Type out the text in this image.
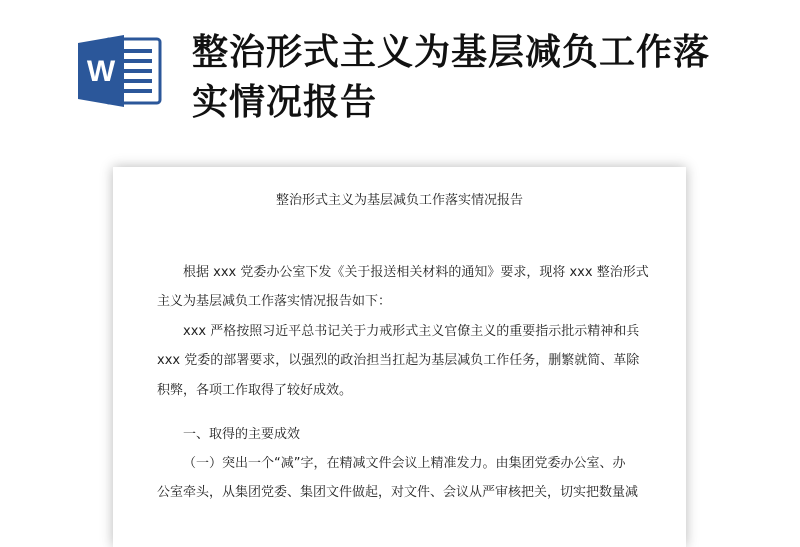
W 整治形式主义为基层减负工作落
实情况报告
整治形式主义为基层减负工作落实情况报告
根据 xxx 党委办公室下发《关于报送相关材料的通知》要求，现将 xxx 整治形式
主义为基层减负工作落实情况报告如下：
xxx 严格按照习近平总书记关于力戒形式主义官僚主义的重要指示批示精神和兵
xxx 党委的部署要求，以强烈的政治担当扛起为基层减负工作任务，删繁就简、革除
积弊，各项工作取得了较好成效。
一、取得的主要成效
（一）突出一个“减”字，在精减文件会议上精准发力。由集团党委办公室、办
公室牵头，从集团党委、集团文件做起，对文件、会议从严审核把关，切实把数量减
